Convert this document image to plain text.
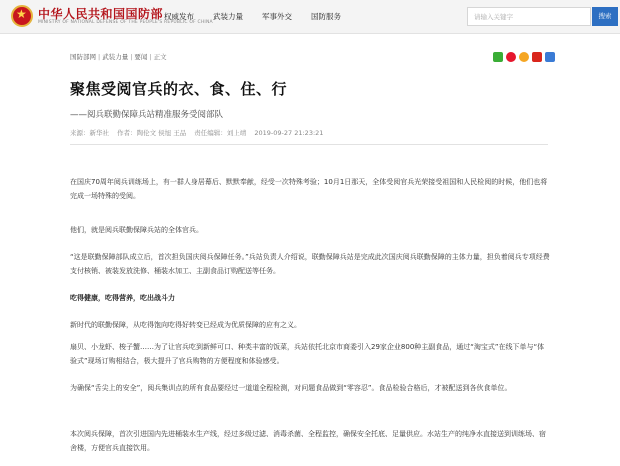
★
中华人民共和国国防部
MINISTRY OF NATIONAL DEFENSE OF THE PEOPLE'S REPUBLIC OF CHINA
权威发布	武装力量	军事外交	国防服务
请输入关键字	搜索
国防部网 | 武装力量 | 要闻 | 正文
聚焦受阅官兵的衣、食、住、行
——阅兵联勤保障兵站精准服务受阅部队
来源：新华社 作者：陶伦文 侯旭 王品 责任编辑：刘上靖 2019-09-27 21:23:21

在国庆70周年阅兵训练场上，有一群人身居幕后、默默奉献，经受一次特殊考验；10月1日那天，全体受阅官兵光荣接受祖国和人民检阅的时候，他们也将完成一场特殊的受阅。

他们，就是阅兵联勤保障兵站的全体官兵。

“这是联勤保障部队成立后，首次担负国庆阅兵保障任务。”兵站负责人介绍说，联勤保障兵站是完成此次国庆阅兵联勤保障的主体力量，担负着阅兵专项经费支付核销、被装发放洗修、桶装水加工、主副食品订购配送等任务。

吃得健康，吃得营养，吃出战斗力

新时代的联勤保障，从吃得饱向吃得好转变已经成为优质保障的应有之义。

扇贝、小龙虾、梭子蟹……为了让官兵吃到新鲜可口、种类丰富的饭菜，兵站依托北京市商委引入29家企业800种主副食品，通过“淘宝式”在线下单与“体验式”现场订购相结合，极大提升了官兵购物的方便程度和体验感受。

为确保“舌尖上的安全”，阅兵集训点的所有食品要经过一道道全程检测，对问题食品做到“零容忍”。食品检验合格后，才被配送到各伙食单位。

本次阅兵保障，首次引进国内先进桶装水生产线，经过多级过滤、消毒杀菌、全程监控，确保安全托底、足量供应。水站生产的纯净水直接送到训练场、宿舍楼，方便官兵直接饮用。
